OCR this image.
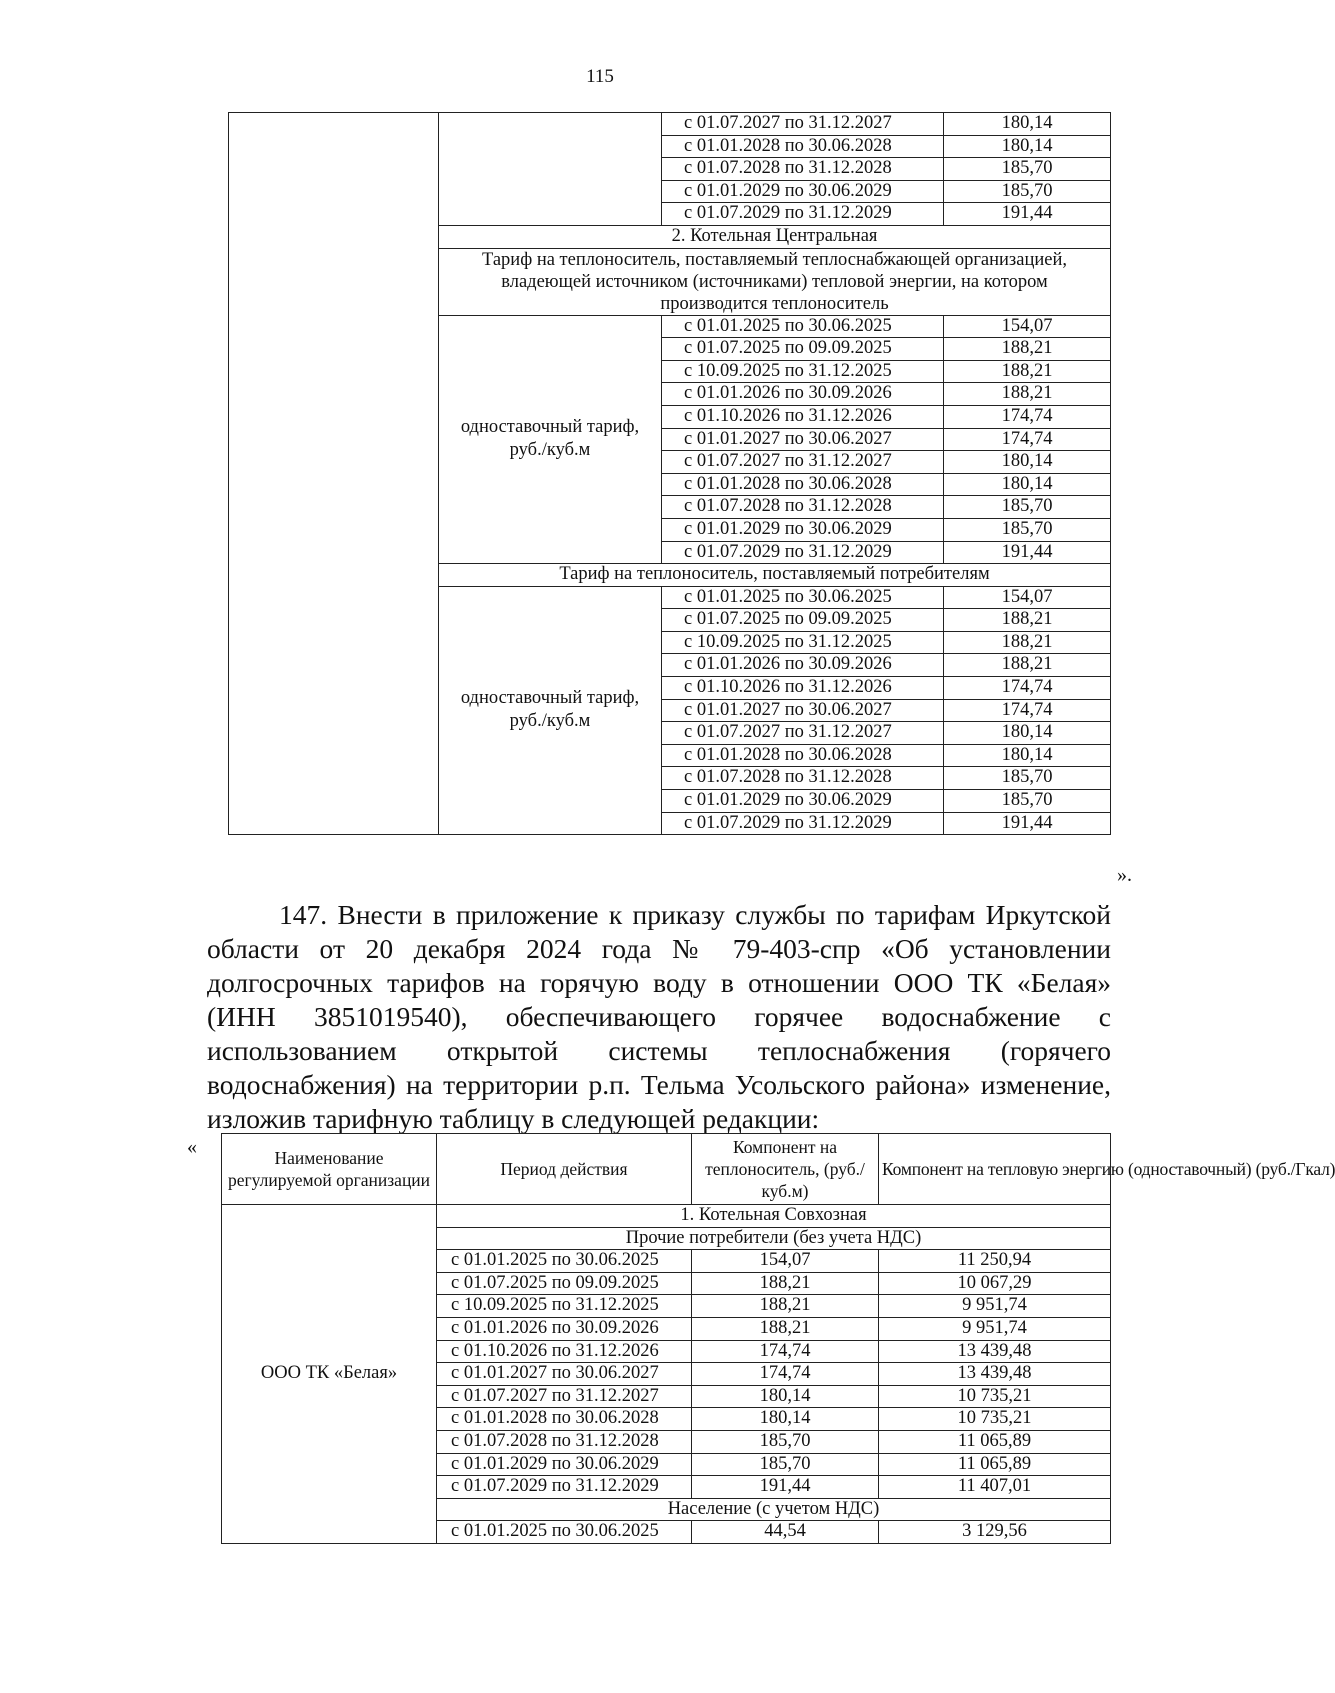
115
		с 01.07.2027 по 31.12.2027	180,14
		с 01.01.2028 по 30.06.2028	180,14
		с 01.07.2028 по 31.12.2028	185,70
		с 01.01.2029 по 30.06.2029	185,70
		с 01.07.2029 по 31.12.2029	191,44
	2. Котельная Центральная		
	Тариф на теплоноситель, поставляемый теплоснабжающей организацией, владеющей источником (источниками) тепловой энергии, на котором производится теплоноситель		
	одноставочный тариф, руб./куб.м	с 01.01.2025 по 30.06.2025	154,07
		с 01.07.2025 по 09.09.2025	188,21
		с 10.09.2025 по 31.12.2025	188,21
		с 01.01.2026 по 30.09.2026	188,21
		с 01.10.2026 по 31.12.2026	174,74
		с 01.01.2027 по 30.06.2027	174,74
		с 01.07.2027 по 31.12.2027	180,14
		с 01.01.2028 по 30.06.2028	180,14
		с 01.07.2028 по 31.12.2028	185,70
		с 01.01.2029 по 30.06.2029	185,70
		с 01.07.2029 по 31.12.2029	191,44
	Тариф на теплоноситель, поставляемый потребителям		
	одноставочный тариф, руб./куб.м	с 01.01.2025 по 30.06.2025	154,07
		с 01.07.2025 по 09.09.2025	188,21
		с 10.09.2025 по 31.12.2025	188,21
		с 01.01.2026 по 30.09.2026	188,21
		с 01.10.2026 по 31.12.2026	174,74
		с 01.01.2027 по 30.06.2027	174,74
		с 01.07.2027 по 31.12.2027	180,14
		с 01.01.2028 по 30.06.2028	180,14
		с 01.07.2028 по 31.12.2028	185,70
		с 01.01.2029 по 30.06.2029	185,70
		с 01.07.2029 по 31.12.2029	191,44
».

147. Внести в приложение к приказу службы по тарифам Иркутской

области от 20 декабря 2024 года № 79-403-спр «Об установлении

долгосрочных тарифов на горячую воду в отношении ООО ТК «Белая»

(ИНН 3851019540), обеспечивающего горячее водоснабжение с

использованием открытой системы теплоснабжения (горячего

водоснабжения) на территории р.п. Тельма Усольского района» изменение,

изложив тарифную таблицу в следующей редакции:

«	Наименование регулируемой организации	Период действия	Компонент на теплоноситель, (руб./куб.м)	Компонент на тепловую энергию (одноставочный) (руб./Гкал)
ООО ТК «Белая»	1. Котельная Совхозная		
	Прочие потребители (без учета НДС)		
	с 01.01.2025 по 30.06.2025	154,07	11 250,94
	с 01.07.2025 по 09.09.2025	188,21	10 067,29
	с 10.09.2025 по 31.12.2025	188,21	9 951,74
	с 01.01.2026 по 30.09.2026	188,21	9 951,74
	с 01.10.2026 по 31.12.2026	174,74	13 439,48
	с 01.01.2027 по 30.06.2027	174,74	13 439,48
	с 01.07.2027 по 31.12.2027	180,14	10 735,21
	с 01.01.2028 по 30.06.2028	180,14	10 735,21
	с 01.07.2028 по 31.12.2028	185,70	11 065,89
	с 01.01.2029 по 30.06.2029	185,70	11 065,89
	с 01.07.2029 по 31.12.2029	191,44	11 407,01
	Население (с учетом НДС)		
	с 01.01.2025 по 30.06.2025	44,54	3 129,56
